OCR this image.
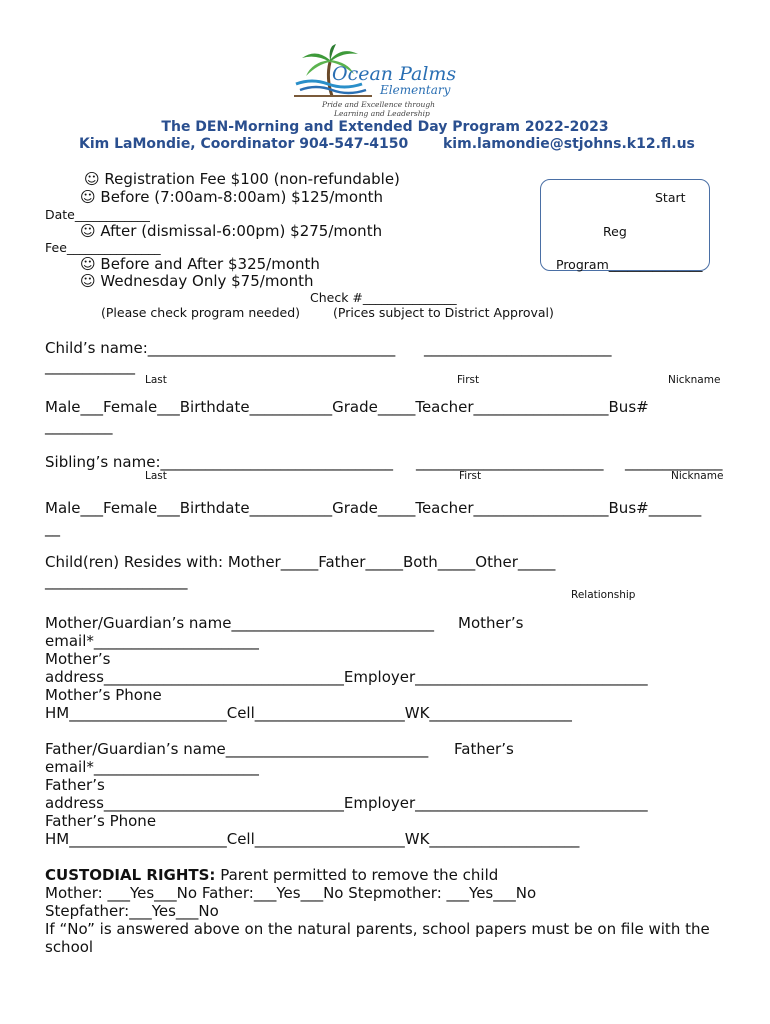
Ocean Palms
Elementary
Pride and Excellence through
Learning and Leadership
The DEN-Morning and Extended Day Program 2022-2023
Kim LaMondie, Coordinator 904-547-4150 kim.lamondie@stjohns.k12.fl.us
☺ Registration Fee $100 (non-refundable)
☺ Before (7:00am-8:00am) $125/month
Date____________
☺ After (dismissal-6:00pm) $275/month
Fee_______________
☺ Before and After $325/month
☺ Wednesday Only $75/month
Check #_______________
(Please check program needed)	(Prices subject to District Approval)
Start
Reg
Program_______________
Child’s name:_________________________________ _________________________
____________
Last	First	Nickname
Male___Female___Birthdate___________Grade_____Teacher__________________Bus#
_________
Sibling’s name:_______________________________ _________________________ _____________
Last	First	Nickname
Male___Female___Birthdate___________Grade_____Teacher__________________Bus#_______
__
Child(ren) Resides with: Mother_____Father_____Both_____Other_____
___________________
Relationship
Mother/Guardian’s name___________________________ Mother’s
email*______________________
Mother’s
address________________________________Employer_______________________________
Mother’s Phone
HM_____________________Cell____________________WK___________________
Father/Guardian’s name___________________________ Father’s
email*______________________
Father’s
address________________________________Employer_______________________________
Father’s Phone
HM_____________________Cell____________________WK____________________
CUSTODIAL RIGHTS: Parent permitted to remove the child
Mother: ___Yes___No Father:___Yes___No Stepmother: ___Yes___No
Stepfather:___Yes___No
If “No” is answered above on the natural parents, school papers must be on file with the
school
